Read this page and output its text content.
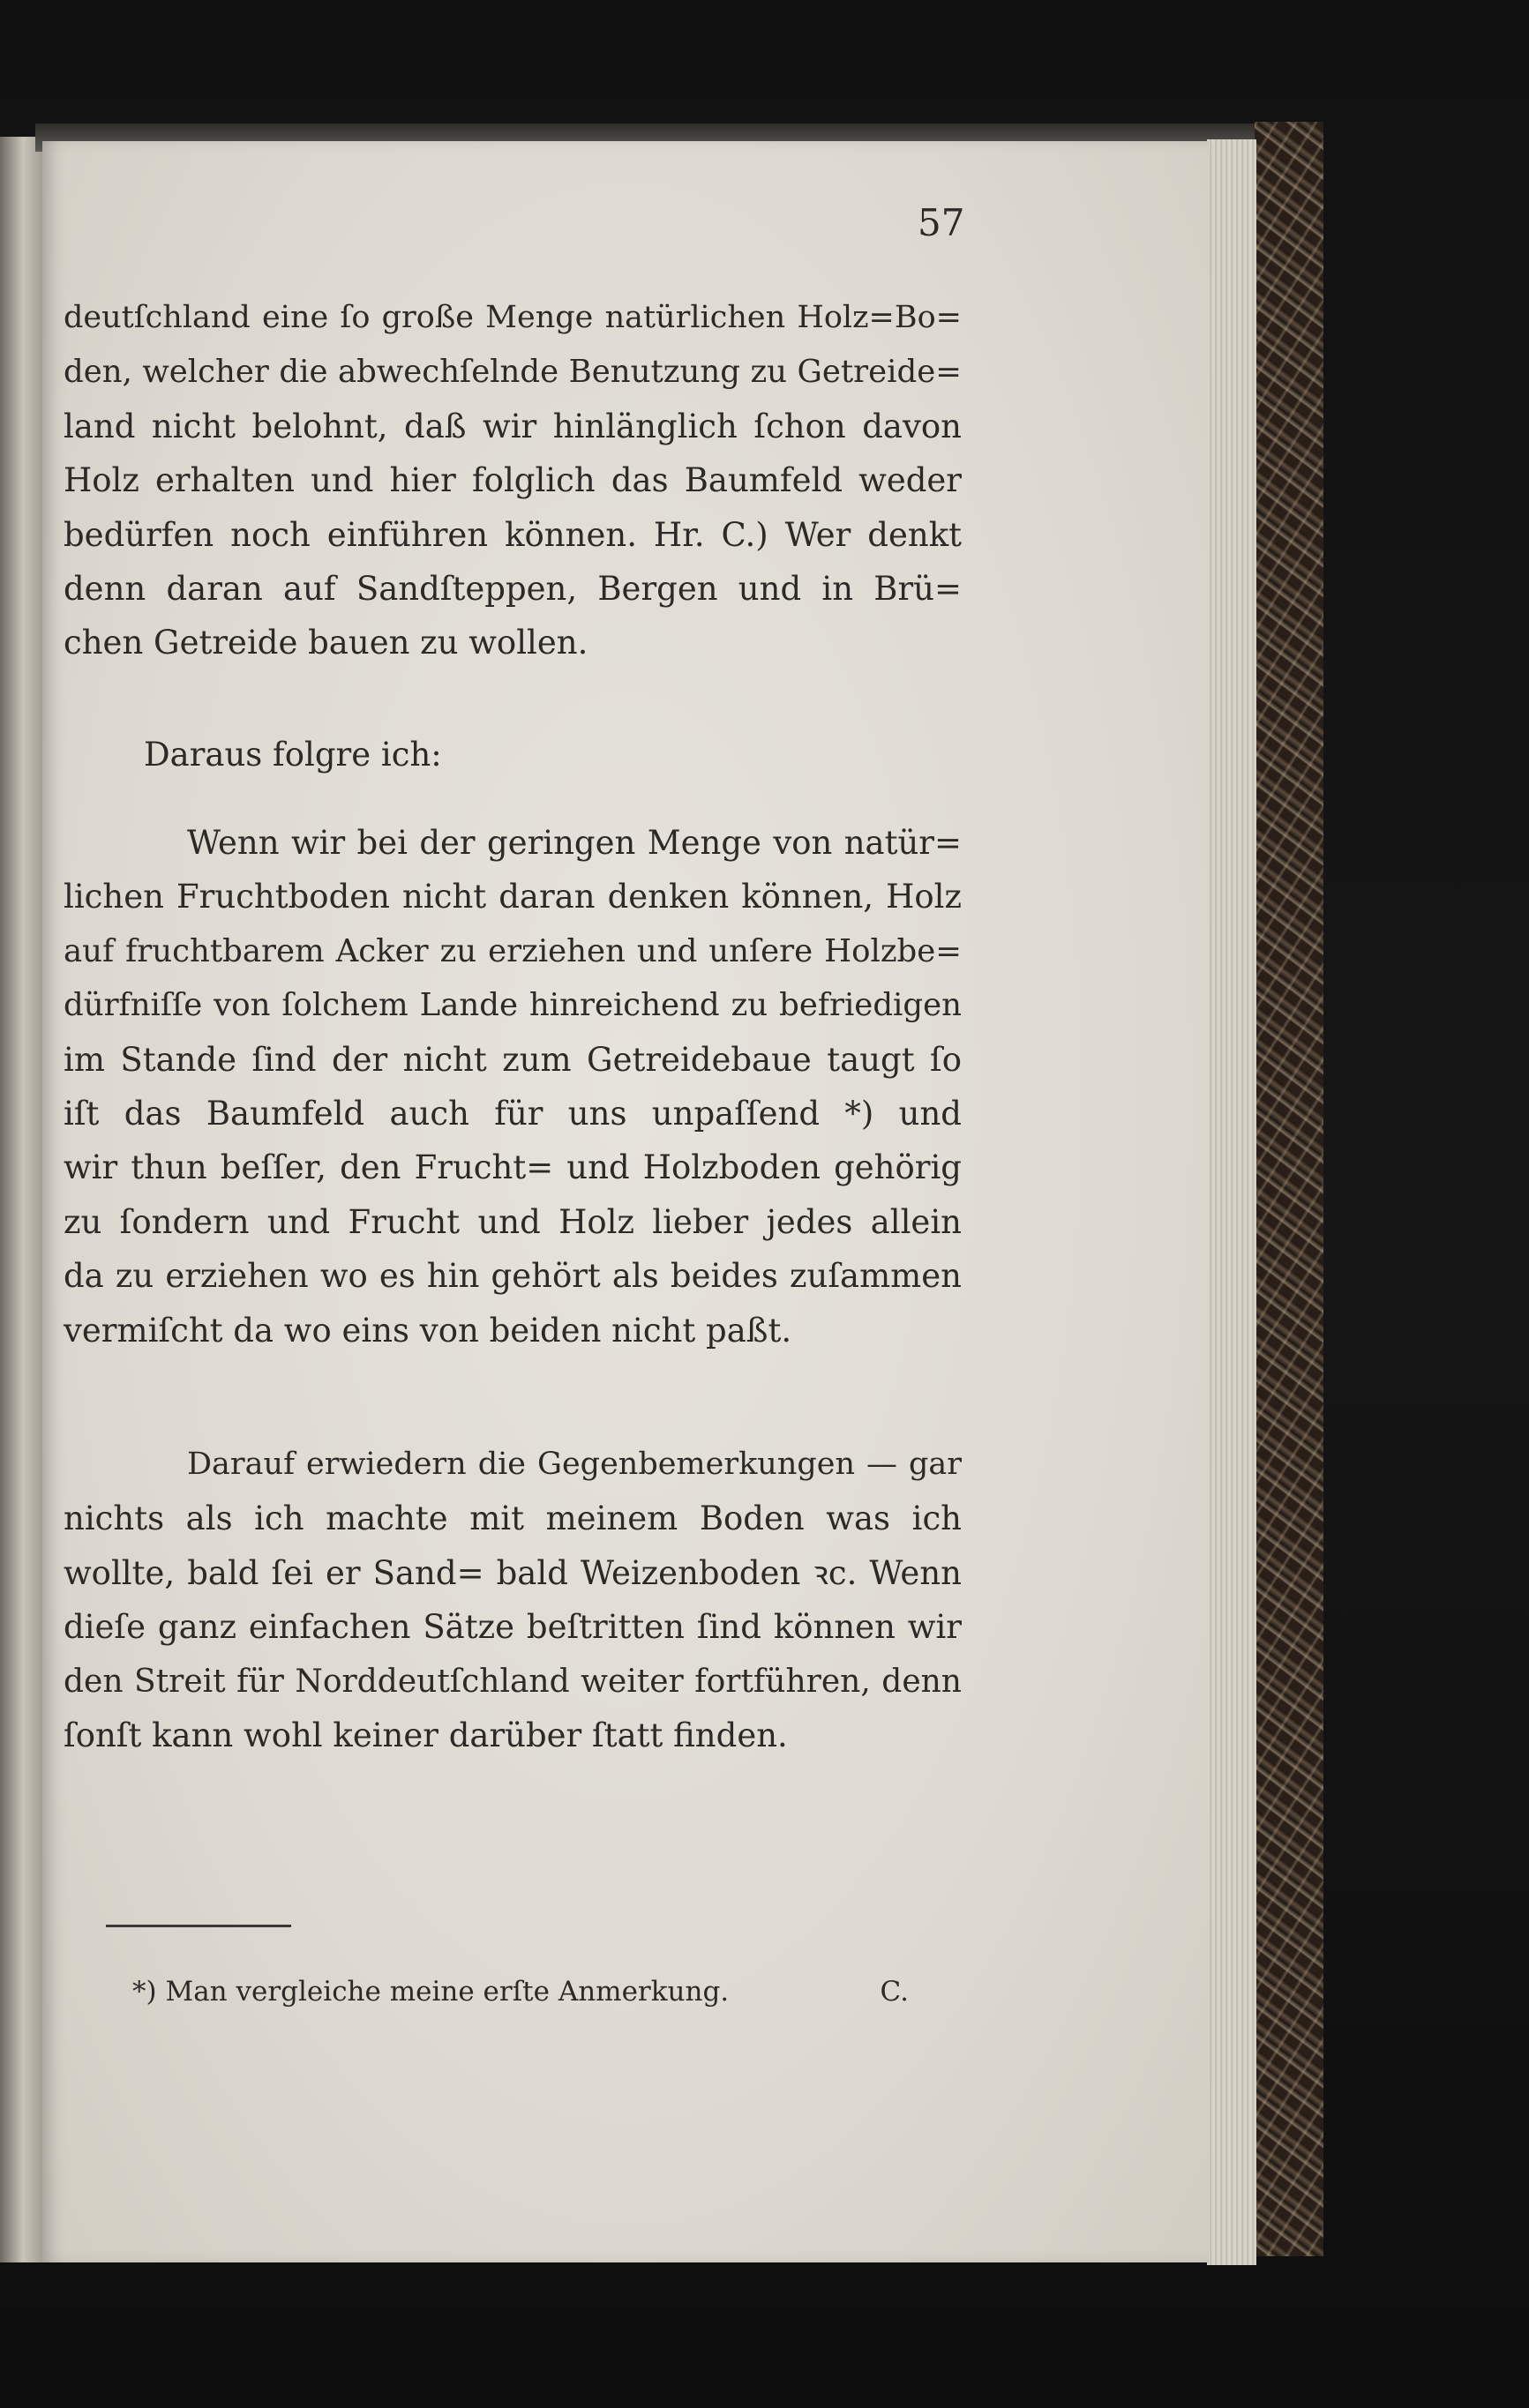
57
deutſchland eine ſo große Menge natürlichen Holz=Bo=
den, welcher die abwechſelnde Benutzung zu Getreide=
land nicht belohnt, daß wir hinlänglich ſchon davon
Holz erhalten und hier folglich das Baumfeld weder
bedürfen noch einführen können. Hr. C.) Wer denkt
denn daran auf Sandſteppen, Bergen und in Brü=
chen Getreide bauen zu wollen.
Daraus folgre ich:
Wenn wir bei der geringen Menge von natür=
lichen Fruchtboden nicht daran denken können, Holz
auf fruchtbarem Acker zu erziehen und unſere Holzbe=
dürfniſſe von ſolchem Lande hinreichend zu befriedigen
im Stande ſind der nicht zum Getreidebaue taugt ſo
iſt das Baumfeld auch für uns unpaſſend *) und
wir thun beſſer, den Frucht= und Holzboden gehörig
zu ſondern und Frucht und Holz lieber jedes allein
da zu erziehen wo es hin gehört als beides zuſammen
vermiſcht da wo eins von beiden nicht paßt.
Darauf erwiedern die Gegenbemerkungen — gar
nichts als ich machte mit meinem Boden was ich
wollte, bald ſei er Sand= bald Weizenboden ꝛc. Wenn
dieſe ganz einfachen Sätze beſtritten ſind können wir
den Streit für Norddeutſchland weiter fortführen, denn
ſonſt kann wohl keiner darüber ſtatt finden.
*) Man vergleiche meine erſte Anmerkung.	C.
